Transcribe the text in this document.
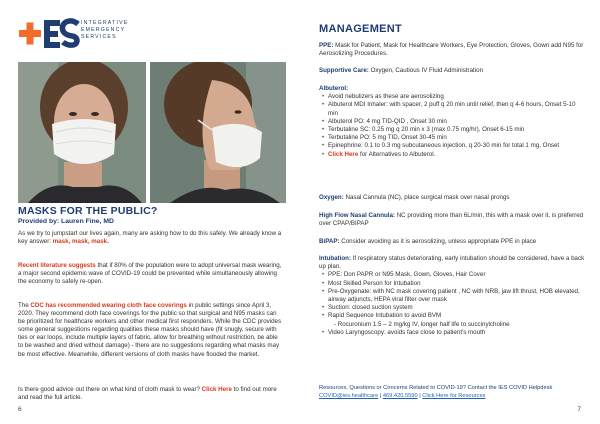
INTEGRATIVE
EMERGENCY
SERVICES
MASKS FOR THE PUBLIC?
Provided by: Lauren Fine, MD
As we try to jumpstart our lives again, many are asking how to do this safely. We already know a key answer: mask, mask, mask.
Recent literature suggests that if 80% of the population were to adopt universal mask wearing, a major second epidemic wave of COVID-19 could be prevented while simultaneously allowing the economy to safely re-open.
The CDC has recommended wearing cloth face coverings in public settings since April 3, 2020. They recommend cloth face coverings for the public so that surgical and N95 masks can be prioritized for healthcare workers and other medical first responders. While the CDC provides some general suggestions regarding qualities these masks should have (fit snugly, secure with ties or ear loops, include multiple layers of fabric, allow for breathing without restriction, be able to be washed and dried without damage) - there are no suggestions regarding what masks may be most effective. Meanwhile, different versions of cloth masks have flooded the market.
Is there good advice out there on what kind of cloth mask to wear? Click Here to find out more and read the full article.
6	7
MANAGEMENT
PPE: Mask for Patient, Mask for Healthcare Workers, Eye Protection, Gloves, Gown add N95 for Aerosolizing Procedures.
Supportive Care: Oxygen, Cautious IV Fluid Administration
Albuterol:
• Avoid nebulizers as these are aerosolizing
• Albuterol MDI Inhaler: with spacer, 2 puff q 20 min until relief, then q 4-6 hours, Onset 5-10 min
• Albuterol PO: 4 mg TID-QID , Onset 30 min
• Terbutaline SC: 0.25 mg q 20 min x 3 (max 0.75 mg/hr), Onset 6-15 min
• Terbutaline PO: 5 mg TID, Onset 30-45 min
• Epinephrine: 0.1 to 0.3 mg subcutaneous injection, q 20-30 min for total 1 mg, Onset
• Click Here for Alternatives to Albuterol.
Oxygen: Nasal Cannula (NC), place surgical mask over nasal prongs
High Flow Nasal Cannula: NC providing more than 6L/min, this with a mask over it, is preferred over CPAP/BIPAP
BiPAP: Consider avoiding as it is aerosolizing, unless appropriate PPE in place
Intubation: If respiratory status deteriorating, early intubation should be considered, have a back up plan.
• PPE: Don PAPR or N95 Mask, Gown, Gloves, Hair Cover
• Most Skilled Person for Intubation
• Pre-Oxygenate: with NC mask covering patient , NC with NRB, jaw lift thrust, HOB elevated, airway adjuncts, HEPA viral filter over mask
• Suction: closed suction system
• Rapid Sequence Intubation to avoid BVM
- Rocuronium 1.5 – 2 mg/kg IV, longer half life to succinylcholine
• Video Laryngoscopy: avoids face close to patient's mouth
Resources, Questions or Concerns Related to COVID-19? Contact the IES COVID Helpdesk
COVID@ies.healthcare | 469.420.5590 | Click Here for Resources
